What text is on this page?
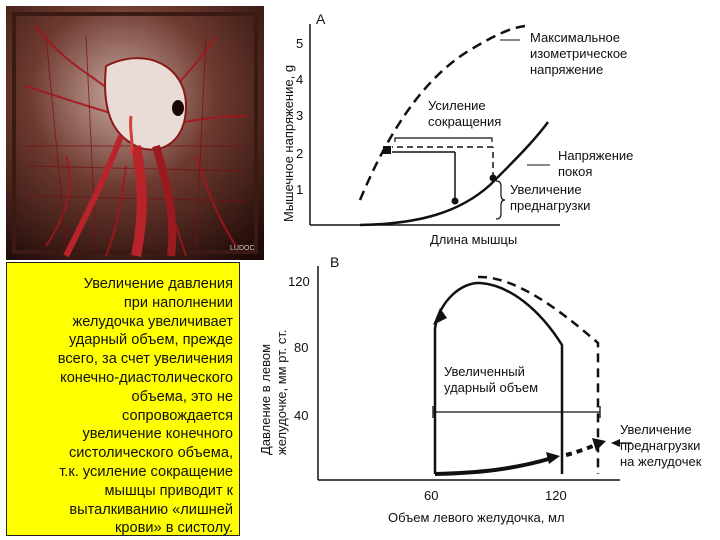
LUDOC

Увеличение давления
при наполнении
желудочка увеличивает
ударный объем, прежде
всего, за счет увеличения
конечно-диастолического
объема, это не
сопровождается
увеличение конечного
систолического объема,
т.к. усиление сокращение
мышцы приводит к
выталкиванию «лишней
крови» в систолу.

А
Мышечное напряжение, g
Длина мышцы
1
2
3
4
5
Усиление
сокращения
Максимальное
изометрическое
напряжение
Напряжение
покоя
Увеличение
преднагрузки
В
Давление в левом желудочке, мм рт. ст.
Объем левого желудочка, мл
120
80
40
60	120
Увеличенный
ударный объем
Увеличение
преднагрузки
на желудочек
